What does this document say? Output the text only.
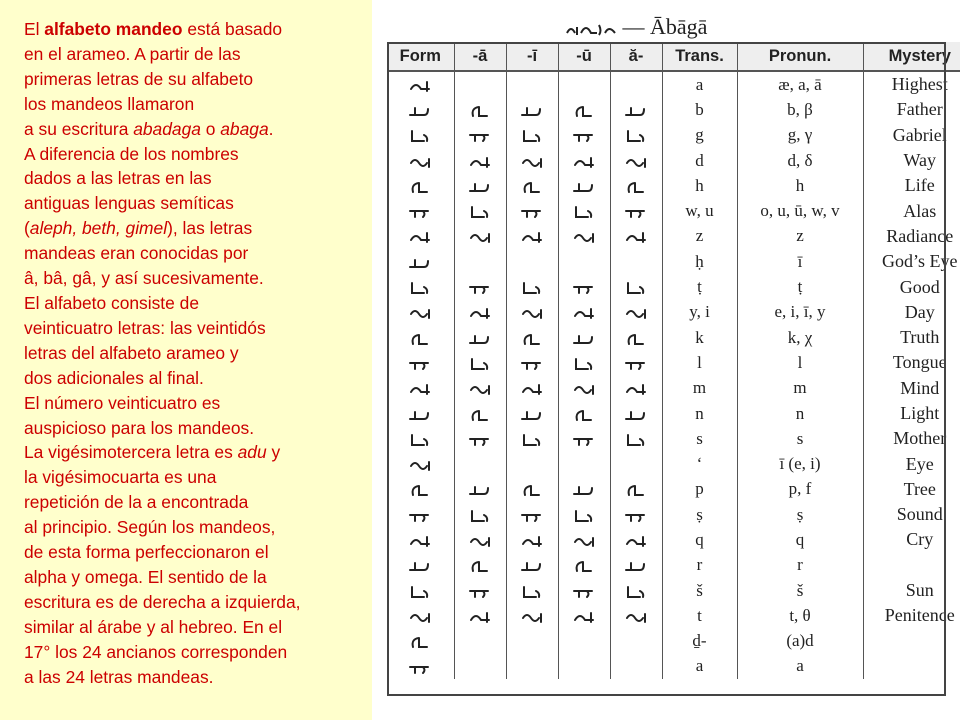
El alfabeto mandeo está basado
en el arameo. A partir de las
primeras letras de su alfabeto
los mandeos llamaron
a su escritura abadaga o abaga.
A diferencia de los nombres
dados a las letras en las
antiguas lenguas semíticas
(aleph, beth, gimel), las letras
mandeas eran conocidas por
â, bâ, gâ, y así sucesivamente.
El alfabeto consiste de
veinticuatro letras: las veintidós
letras del alfabeto arameo y
dos adicionales al final.
El número veinticuatro es
auspicioso para los mandeos.
La vigésimotercera letra es adu y
la vigésimocuarta es una
repetición de la a encontrada
al principio. Según los mandeos,
de esta forma perfeccionaron el
alpha y omega. El sentido de la
escritura es de derecha a izquierda,
similar al árabe y al hebreo. En el
17° los 24 ancianos corresponden
a las 24 letras mandeas.
— Ābāgā
Form	-ā	-ī	-ū	ă-	Trans.	Pronun.	Mystery
					a	æ, a, ā	Highest
					b	b, β	Father
					g	g, γ	Gabriel
					d	d, δ	Way
					h	h	Life
					w, u	o, u, ū, w, v	Alas
					z	z	Radiance
					ḥ	ī	God’s Eye
					ṭ	ṭ	Good
					y, i	e, i, ī, y	Day
					k	k, χ	Truth
					l	l	Tongue
					m	m	Mind
					n	n	Light
					s	s	Mother
					‘	ī (e, i)	Eye
					p	p, f	Tree
					ṣ	ṣ	Sound
					q	q	Cry
					r	r	
					š	š	Sun
					t	t, θ	Penitence
					ḏ-	(a)d	
					a	a	
